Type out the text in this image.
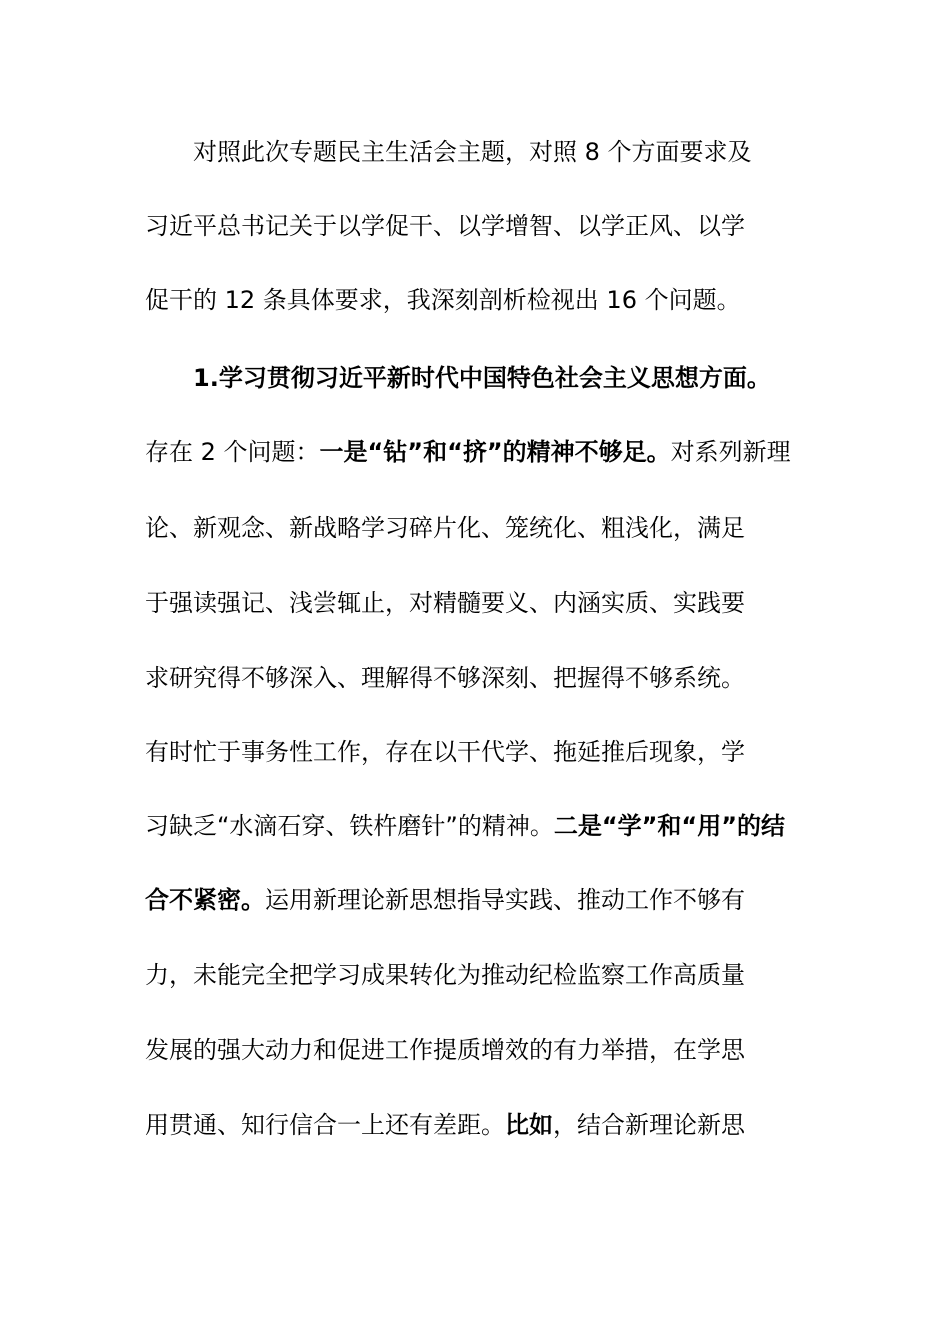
对照此次专题民主生活会主题，对照 8 个方面要求及
习近平总书记关于以学促干、以学增智、以学正风、以学
促干的 12 条具体要求，我深刻剖析检视出 16 个问题。
1.学习贯彻习近平新时代中国特色社会主义思想方面。
存在 2 个问题：一是“钻”和“挤”的精神不够足。对系列新理
论、新观念、新战略学习碎片化、笼统化、粗浅化，满足
于强读强记、浅尝辄止，对精髓要义、内涵实质、实践要
求研究得不够深入、理解得不够深刻、把握得不够系统。
有时忙于事务性工作，存在以干代学、拖延推后现象，学
习缺乏“水滴石穿、铁杵磨针”的精神。二是“学”和“用”的结
合不紧密。运用新理论新思想指导实践、推动工作不够有
力，未能完全把学习成果转化为推动纪检监察工作高质量
发展的强大动力和促进工作提质增效的有力举措，在学思
用贯通、知行信合一上还有差距。比如，结合新理论新思
